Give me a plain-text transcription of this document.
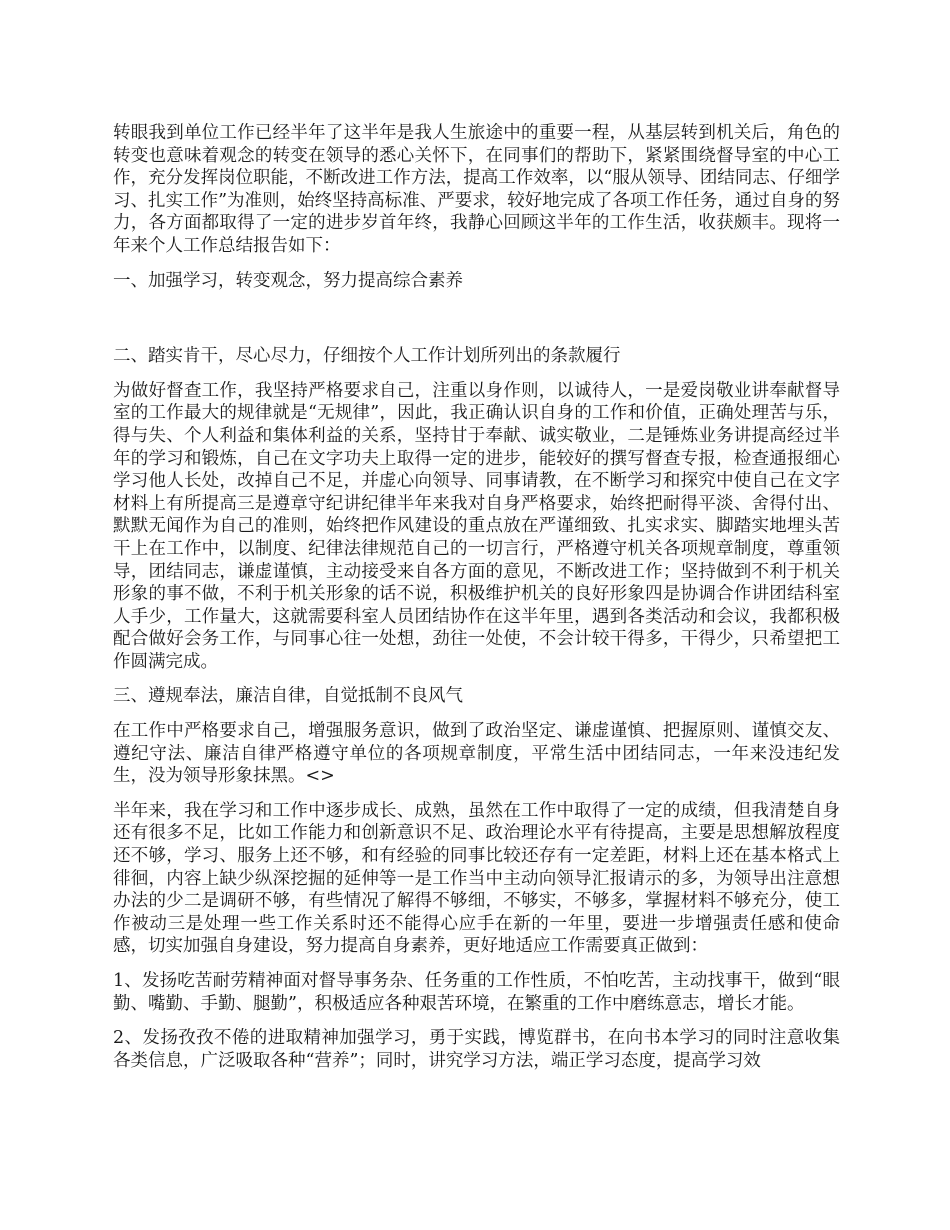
转眼我到单位工作已经半年了这半年是我人生旅途中的重要一程，从基层转到机关后，角色的转变也意味着观念的转变在领导的悉心关怀下，在同事们的帮助下，紧紧围绕督导室的中心工作，充分发挥岗位职能，不断改进工作方法，提高工作效率，以“服从领导、团结同志、仔细学习、扎实工作”为准则，始终坚持高标准、严要求，较好地完成了各项工作任务，通过自身的努力，各方面都取得了一定的进步岁首年终，我静心回顾这半年的工作生活，收获颇丰。现将一年来个人工作总结报告如下：

一、加强学习，转变观念，努力提高综合素养

二、踏实肯干，尽心尽力，仔细按个人工作计划所列出的条款履行

为做好督查工作，我坚持严格要求自己，注重以身作则，以诚待人，一是爱岗敬业讲奉献督导室的工作最大的规律就是“无规律”，因此，我正确认识自身的工作和价值，正确处理苦与乐，得与失、个人利益和集体利益的关系，坚持甘于奉献、诚实敬业，二是锤炼业务讲提高经过半年的学习和锻炼，自己在文字功夫上取得一定的进步，能较好的撰写督查专报，检查通报细心学习他人长处，改掉自己不足，并虚心向领导、同事请教，在不断学习和探究中使自己在文字材料上有所提高三是遵章守纪讲纪律半年来我对自身严格要求，始终把耐得平淡、舍得付出、默默无闻作为自己的准则，始终把作风建设的重点放在严谨细致、扎实求实、脚踏实地埋头苦干上在工作中，以制度、纪律法律规范自己的一切言行，严格遵守机关各项规章制度，尊重领导，团结同志，谦虚谨慎，主动接受来自各方面的意见，不断改进工作；坚持做到不利于机关形象的事不做，不利于机关形象的话不说，积极维护机关的良好形象四是协调合作讲团结科室人手少，工作量大，这就需要科室人员团结协作在这半年里，遇到各类活动和会议，我都积极配合做好会务工作，与同事心往一处想，劲往一处使，不会计较干得多，干得少，只希望把工作圆满完成。

三、遵规奉法，廉洁自律，自觉抵制不良风气

在工作中严格要求自己，增强服务意识，做到了政治坚定、谦虚谨慎、把握原则、谨慎交友、遵纪守法、廉洁自律严格遵守单位的各项规章制度，平常生活中团结同志，一年来没违纪发生，没为领导形象抹黑。<>

半年来，我在学习和工作中逐步成长、成熟，虽然在工作中取得了一定的成绩，但我清楚自身还有很多不足，比如工作能力和创新意识不足、政治理论水平有待提高，主要是思想解放程度还不够，学习、服务上还不够，和有经验的同事比较还存有一定差距，材料上还在基本格式上徘徊，内容上缺少纵深挖掘的延伸等一是工作当中主动向领导汇报请示的多，为领导出注意想办法的少二是调研不够，有些情况了解得不够细，不够实，不够多，掌握材料不够充分，使工作被动三是处理一些工作关系时还不能得心应手在新的一年里，要进一步增强责任感和使命感，切实加强自身建设，努力提高自身素养，更好地适应工作需要真正做到：

1、发扬吃苦耐劳精神面对督导事务杂、任务重的工作性质，不怕吃苦，主动找事干，做到“眼勤、嘴勤、手勤、腿勤”，积极适应各种艰苦环境，在繁重的工作中磨练意志，增长才能。

2、发扬孜孜不倦的进取精神加强学习，勇于实践，博览群书，在向书本学习的同时注意收集各类信息，广泛吸取各种“营养”；同时，讲究学习方法，端正学习态度，提高学习效
